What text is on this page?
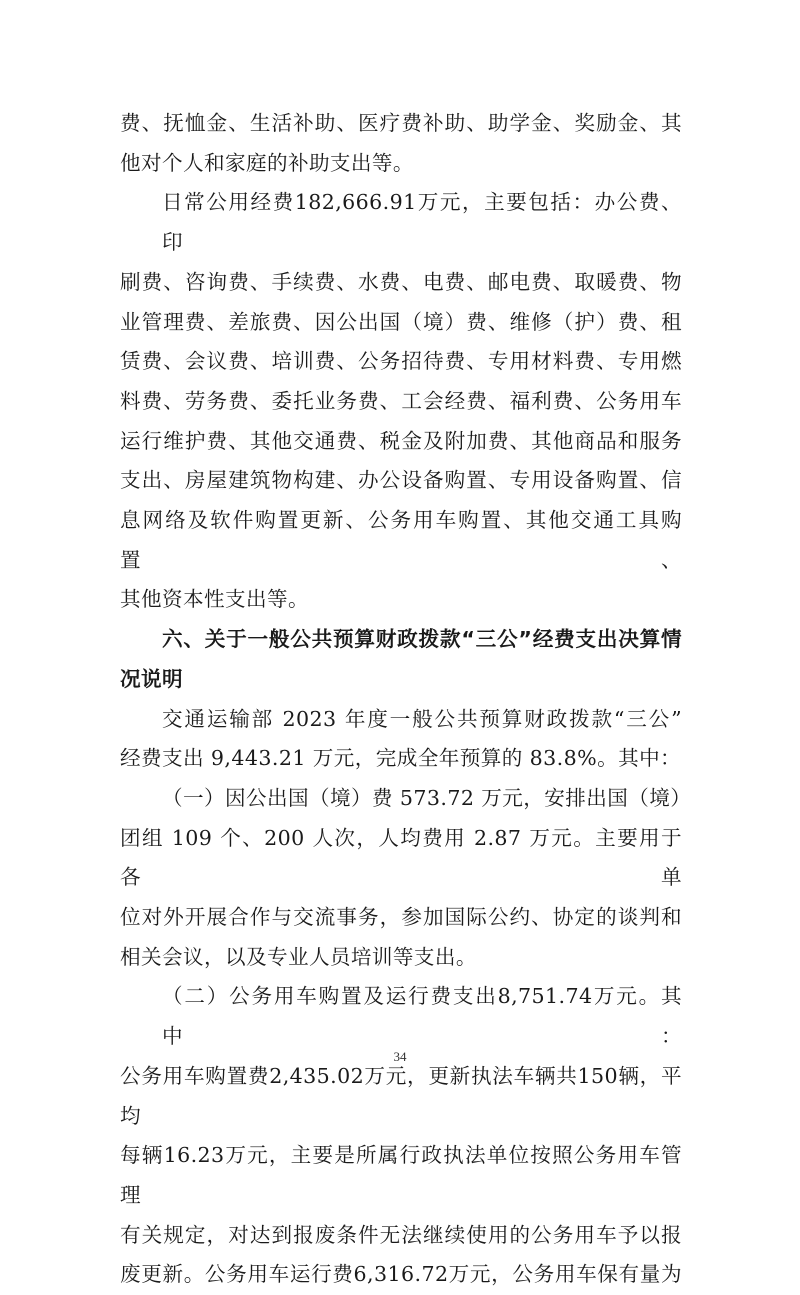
费、抚恤金、生活补助、医疗费补助、助学金、奖励金、其
他对个人和家庭的补助支出等。

日常公用经费182,666.91万元，主要包括：办公费、印
刷费、咨询费、手续费、水费、电费、邮电费、取暖费、物
业管理费、差旅费、因公出国（境）费、维修（护）费、租
赁费、会议费、培训费、公务招待费、专用材料费、专用燃
料费、劳务费、委托业务费、工会经费、福利费、公务用车
运行维护费、其他交通费、税金及附加费、其他商品和服务
支出、房屋建筑物构建、办公设备购置、专用设备购置、信
息网络及软件购置更新、公务用车购置、其他交通工具购置、
其他资本性支出等。

六、关于一般公共预算财政拨款“三公”经费支出决算情
况说明

交通运输部 2023 年度一般公共预算财政拨款“三公”
经费支出 9,443.21 万元，完成全年预算的 83.8%。其中：

（一）因公出国（境）费 573.72 万元，安排出国（境）
团组 109 个、200 人次，人均费用 2.87 万元。主要用于各单
位对外开展合作与交流事务，参加国际公约、协定的谈判和
相关会议，以及专业人员培训等支出。

（二）公务用车购置及运行费支出8,751.74万元。其中：
公务用车购置费2,435.02万元，更新执法车辆共150辆，平均
每辆16.23万元，主要是所属行政执法单位按照公务用车管理
有关规定，对达到报废条件无法继续使用的公务用车予以报
废更新。公务用车运行费6,316.72万元，公务用车保有量为

34
